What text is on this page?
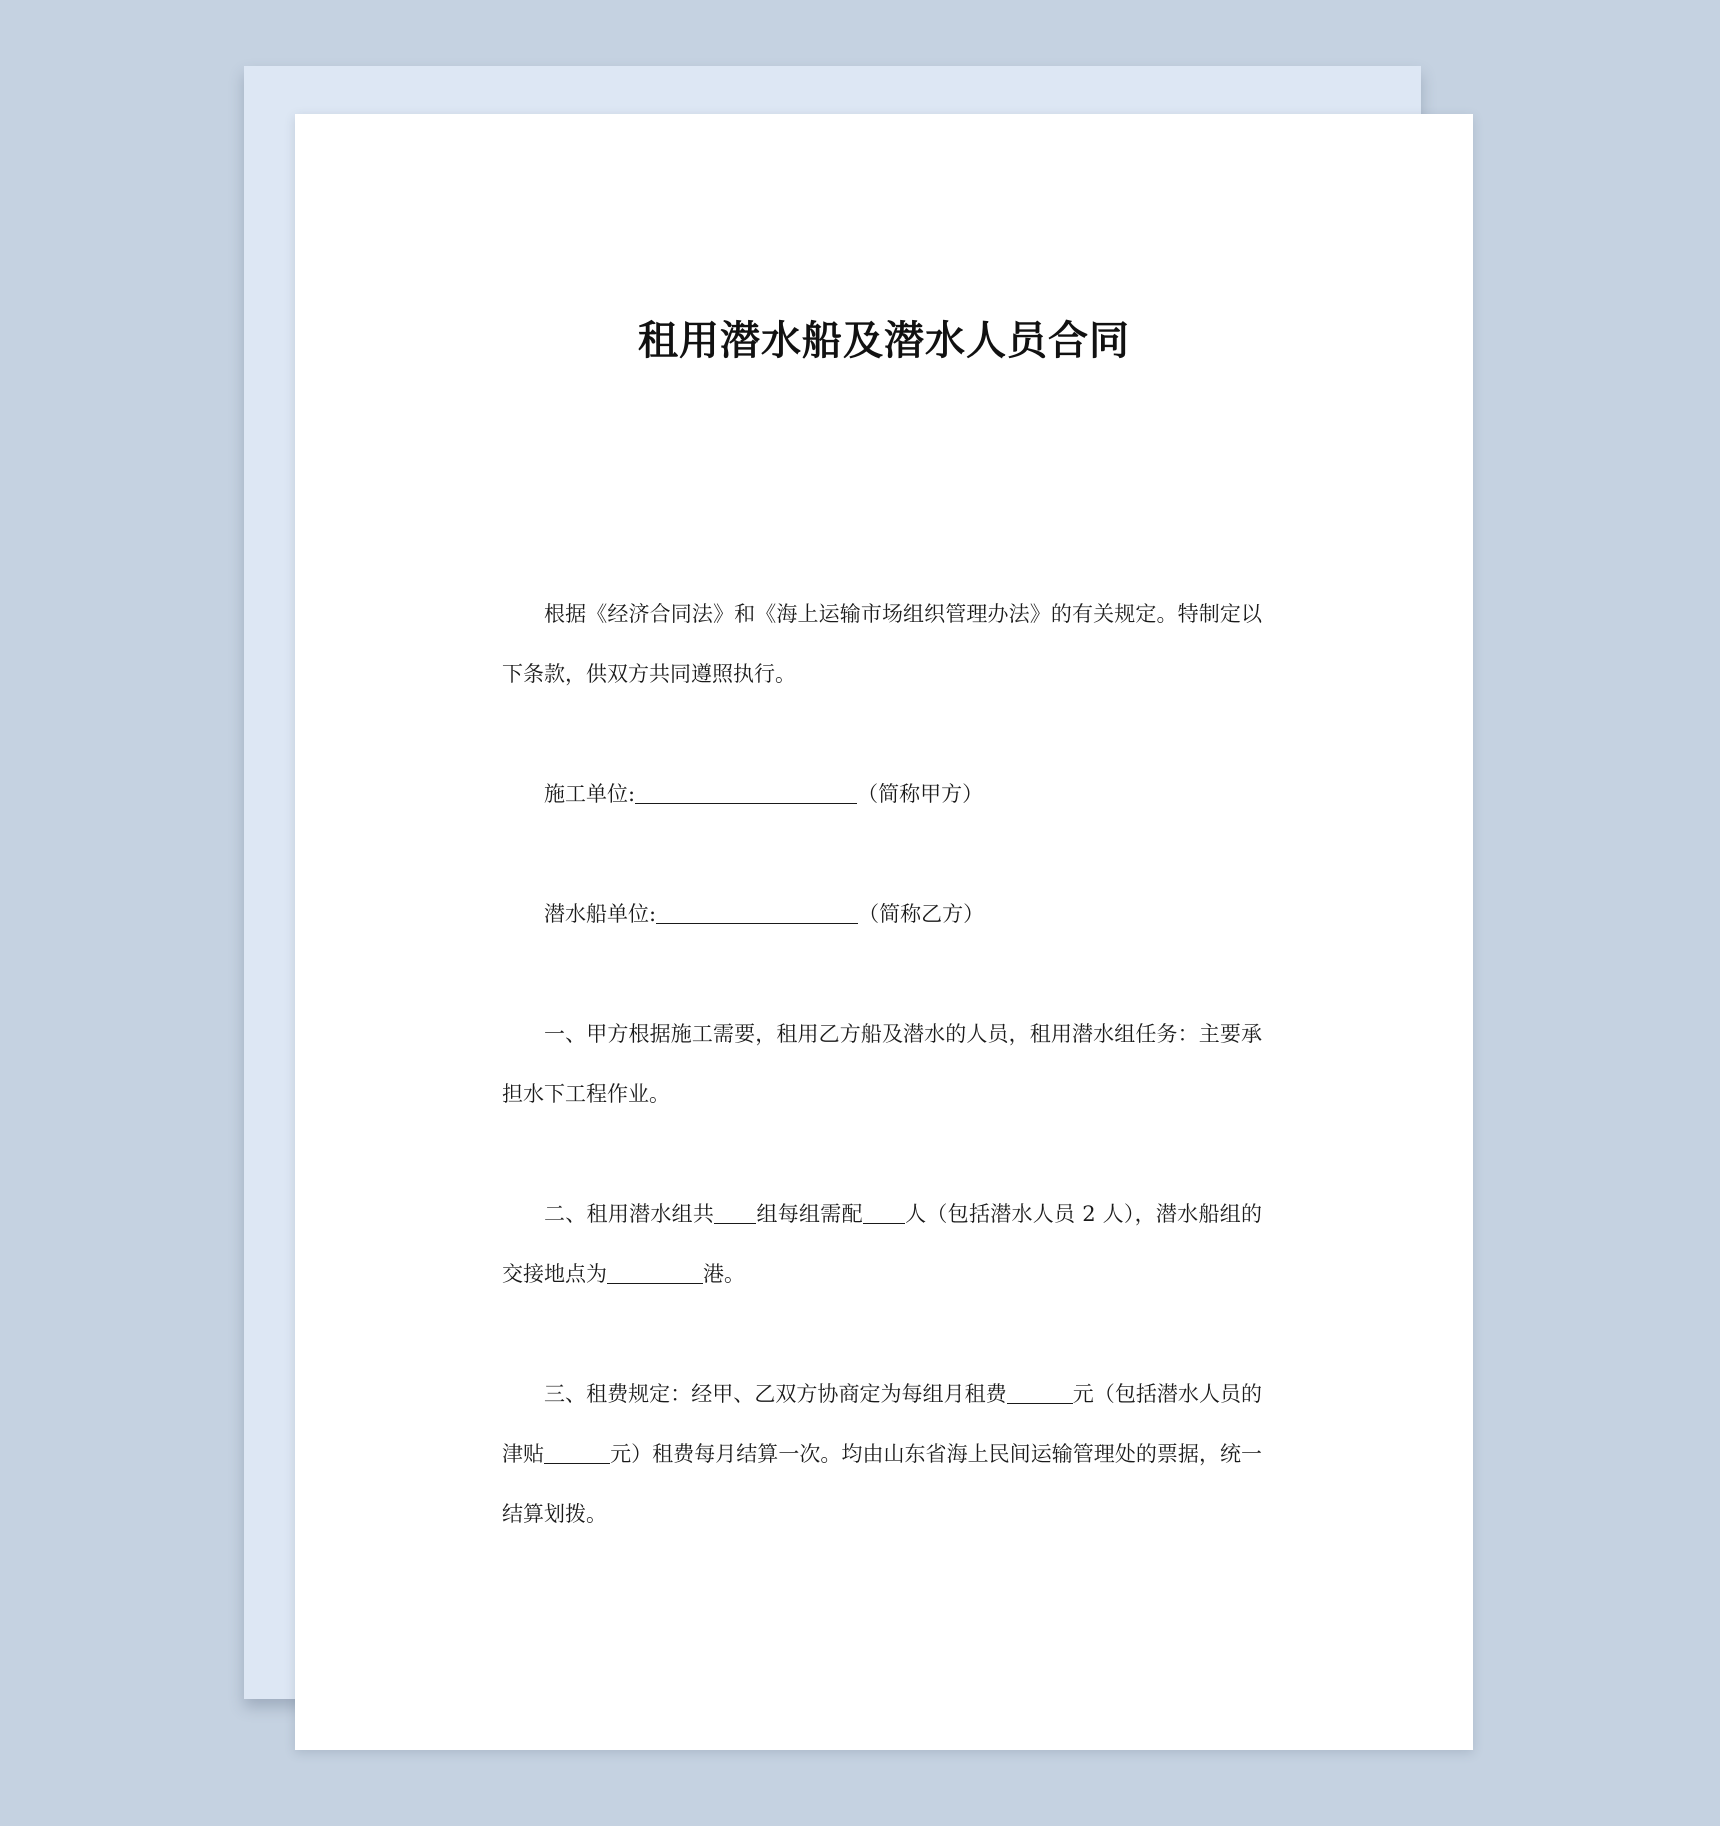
租用潜水船及潜水人员合同

根据《经济合同法》和《海上运输市场组织管理办法》的有关规定。特制定以下条款，供双方共同遵照执行。

施工单位:	（简称甲方）

潜水船单位:	（简称乙方）

一、甲方根据施工需要，租用乙方船及潜水的人员，租用潜水组任务：主要承担水下工程作业。

二、租用潜水组共 组每组需配 人（包括潜水人员 2 人），潜水船组的交接地点为	港。

三、租费规定：经甲、乙双方协商定为每组月租费	元（包括潜水人员的津贴	元）租费每月结算一次。均由山东省海上民间运输管理处的票据，统一结算划拨。
